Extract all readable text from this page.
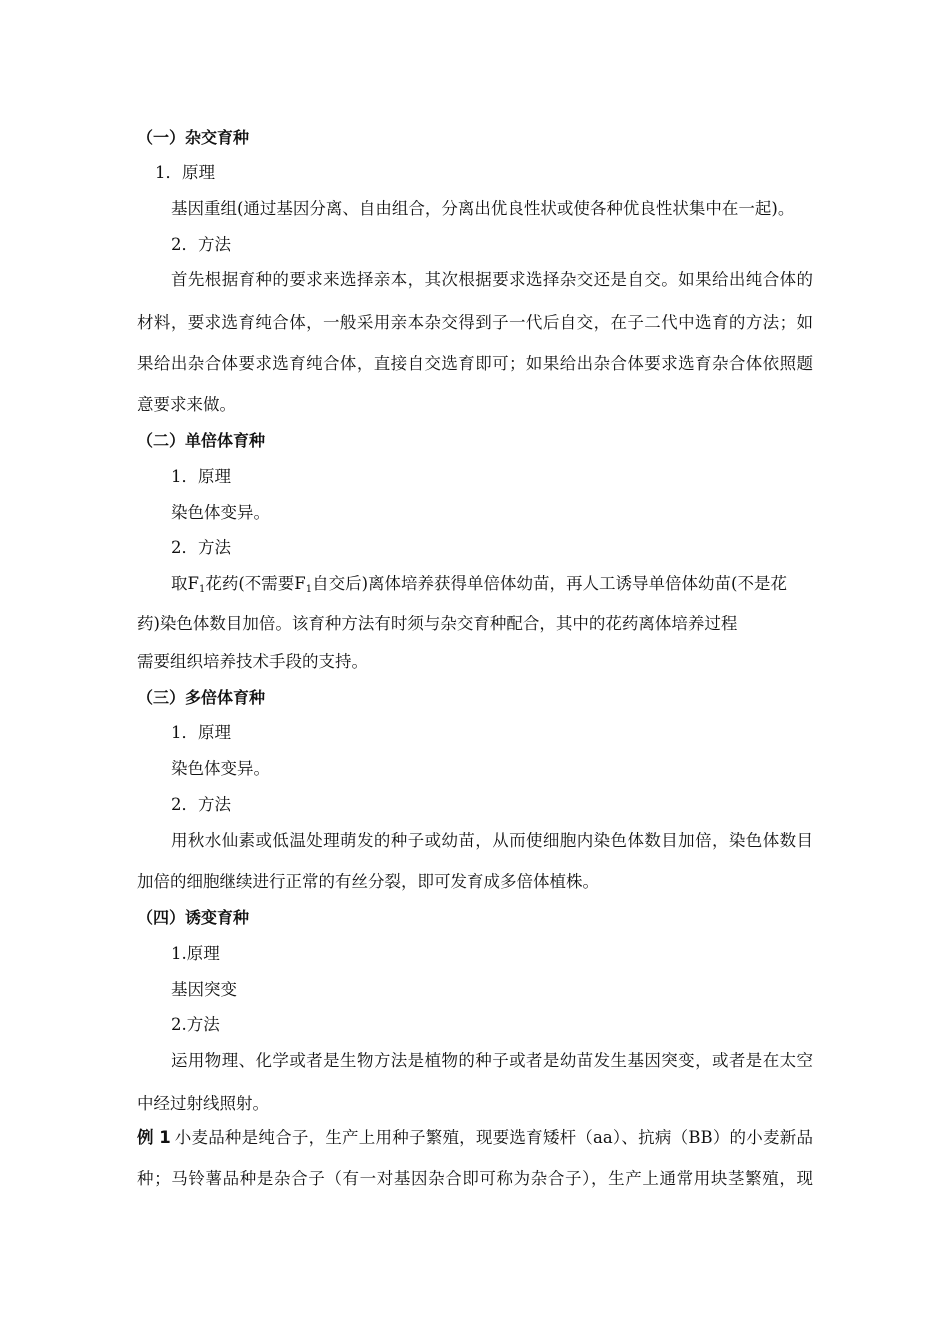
（一）杂交育种
1．原理
基因重组(通过基因分离、自由组合，分离出优良性状或使各种优良性状集中在一起)。
2．方法
首先根据育种的要求来选择亲本，其次根据要求选择杂交还是自交。如果给出纯合体的
材料，要求选育纯合体，一般采用亲本杂交得到子一代后自交，在子二代中选育的方法；如
果给出杂合体要求选育纯合体，直接自交选育即可；如果给出杂合体要求选育杂合体依照题
意要求来做。
（二）单倍体育种
1．原理
染色体变异。
2．方法
取$F_1$花药(不需要$F_1$自交后)离体培养获得单倍体幼苗，再人工诱导单倍体幼苗(不是花
药)染色体数目加倍。该育种方法有时须与杂交育种配合，其中的花药离体培养过程
需要组织培养技术手段的支持。
（三）多倍体育种
1．原理
染色体变异。
2．方法
用秋水仙素或低温处理萌发的种子或幼苗，从而使细胞内染色体数目加倍，染色体数目
加倍的细胞继续进行正常的有丝分裂，即可发育成多倍体植株。
（四）诱变育种
1.原理
基因突变
2.方法
运用物理、化学或者是生物方法是植物的种子或者是幼苗发生基因突变，或者是在太空
中经过射线照射。
例 1 小麦品种是纯合子，生产上用种子繁殖，现要选育矮杆（aa）、抗病（BB）的小麦新品
种；马铃薯品种是杂合子（有一对基因杂合即可称为杂合子），生产上通常用块茎繁殖，现
